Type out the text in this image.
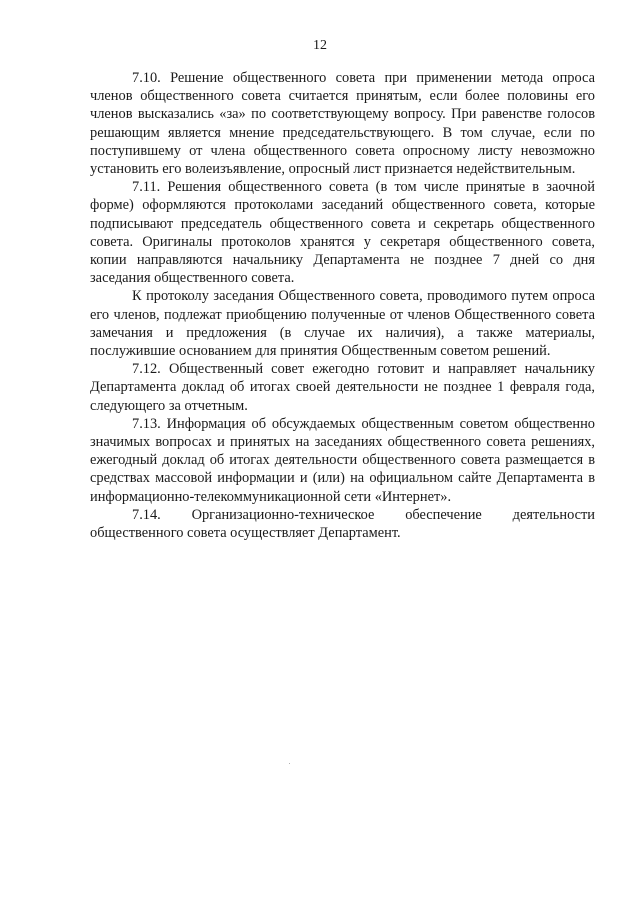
12

7.10. Решение общественного совета при применении метода опроса членов общественного совета считается принятым, если более половины его членов высказались «за» по соответствующему вопросу. При равенстве голосов решающим является мнение председательствующего. В том случае, если по поступившему от члена общественного совета опросному листу невозможно установить его волеизъявление, опросный лист признается недействительным.

7.11. Решения общественного совета (в том числе принятые в заочной форме) оформляются протоколами заседаний общественного совета, которые подписывают председатель общественного совета и секретарь общественного совета. Оригиналы протоколов хранятся у секретаря общественного совета, копии направляются начальнику Департамента не позднее 7 дней со дня заседания общественного совета.

К протоколу заседания Общественного совета, проводимого путем опроса его членов, подлежат приобщению полученные от членов Общественного совета замечания и предложения (в случае их наличия), а также материалы, послужившие основанием для принятия Общественным советом решений.

7.12. Общественный совет ежегодно готовит и направляет начальнику Департамента доклад об итогах своей деятельности не позднее 1 февраля года, следующего за отчетным.

7.13. Информация об обсуждаемых общественным советом общественно значимых вопросах и принятых на заседаниях общественного совета решениях, ежегодный доклад об итогах деятельности общественного совета размещается в средствах массовой информации и (или) на официальном сайте Департамента в информационно-телекоммуникационной сети «Интернет».

7.14. Организационно-техническое обеспечение деятельности общественного совета осуществляет Департамент.
